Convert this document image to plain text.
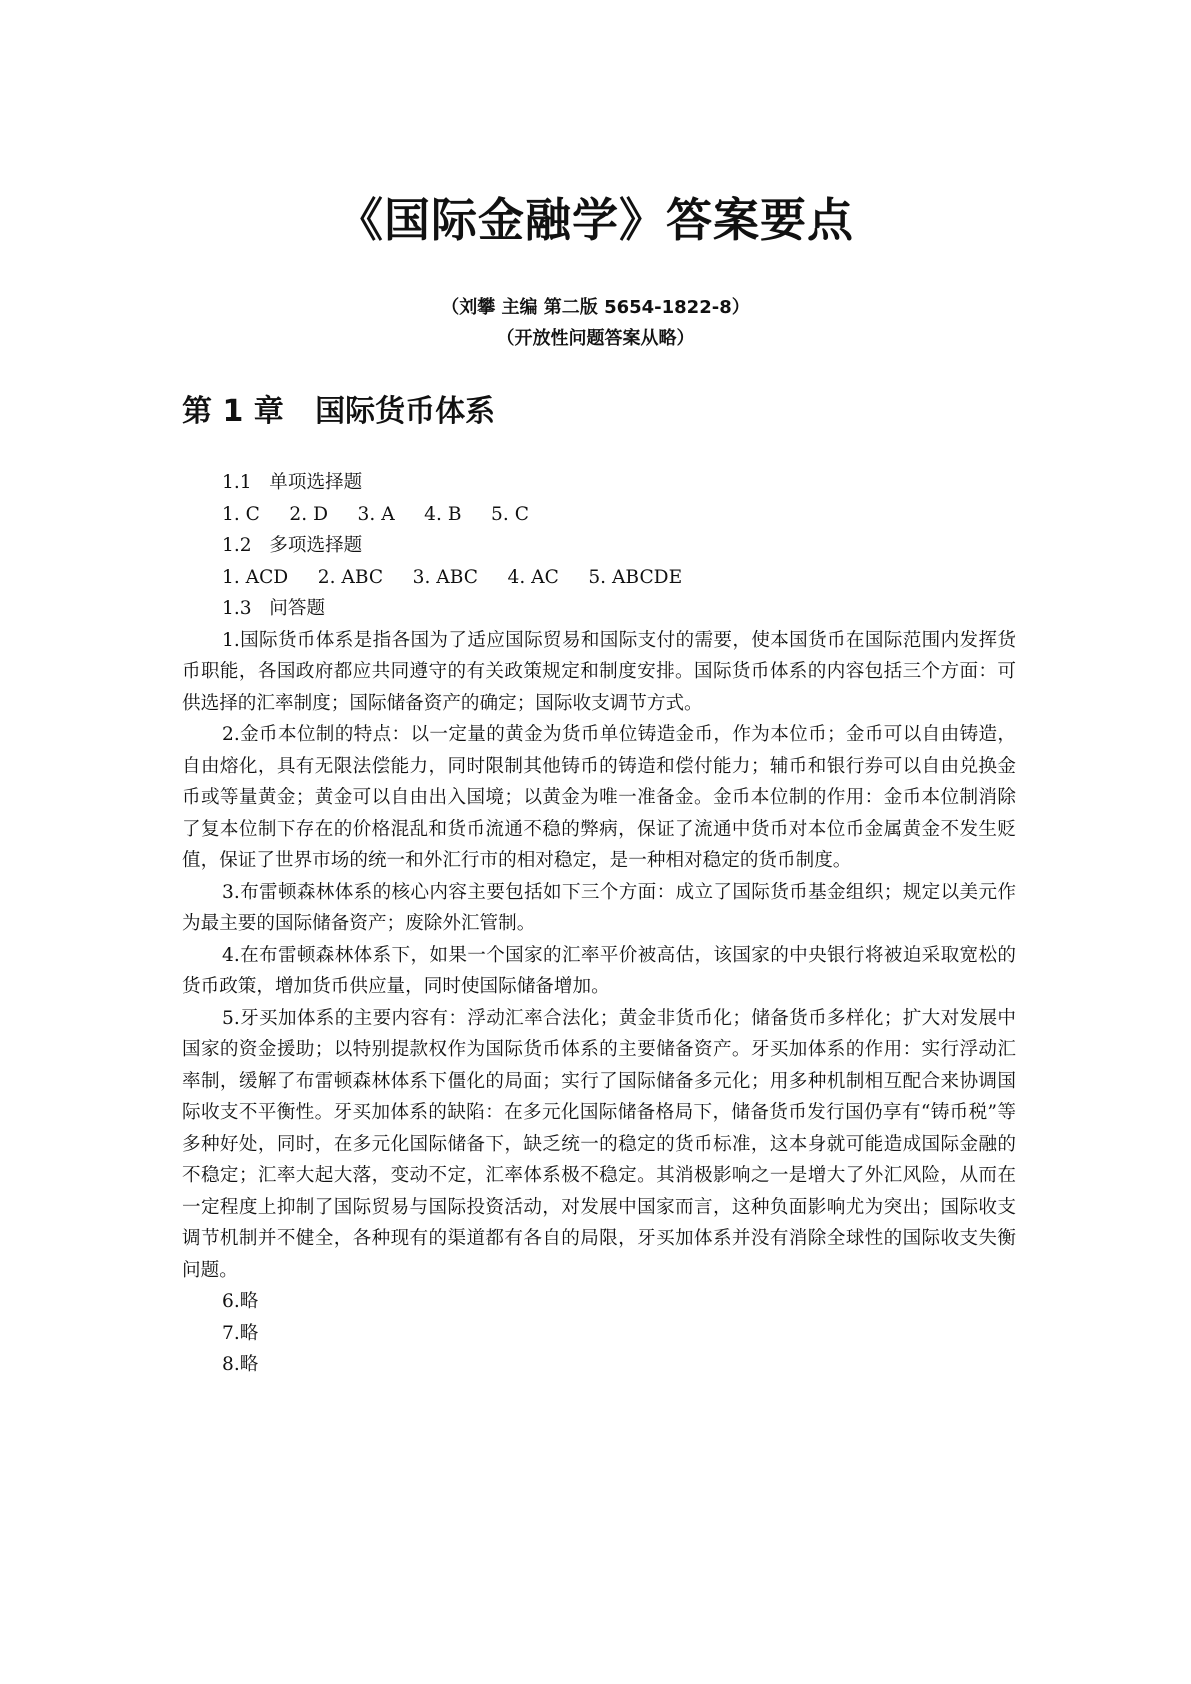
《国际金融学》答案要点

（刘攀 主编 第二版 5654-1822-8）

（开放性问题答案从略）

第 1 章   国际货币体系
1.1   单项选择题
1. C     2. D     3. A     4. B     5. C
1.2   多项选择题
1. ACD     2. ABC     3. ABC     4. AC     5. ABCDE
1.3   问答题

1.国际货币体系是指各国为了适应国际贸易和国际支付的需要，使本国货币在国际范围内发挥货币职能，各国政府都应共同遵守的有关政策规定和制度安排。国际货币体系的内容包括三个方面：可供选择的汇率制度；国际储备资产的确定；国际收支调节方式。

2.金币本位制的特点：以一定量的黄金为货币单位铸造金币，作为本位币；金币可以自由铸造，自由熔化，具有无限法偿能力，同时限制其他铸币的铸造和偿付能力；辅币和银行券可以自由兑换金币或等量黄金；黄金可以自由出入国境；以黄金为唯一准备金。金币本位制的作用：金币本位制消除了复本位制下存在的价格混乱和货币流通不稳的弊病，保证了流通中货币对本位币金属黄金不发生贬值，保证了世界市场的统一和外汇行市的相对稳定，是一种相对稳定的货币制度。

3.布雷顿森林体系的核心内容主要包括如下三个方面：成立了国际货币基金组织；规定以美元作为最主要的国际储备资产；废除外汇管制。

4.在布雷顿森林体系下，如果一个国家的汇率平价被高估，该国家的中央银行将被迫采取宽松的货币政策，增加货币供应量，同时使国际储备增加。

5.牙买加体系的主要内容有：浮动汇率合法化；黄金非货币化；储备货币多样化；扩大对发展中国家的资金援助；以特别提款权作为国际货币体系的主要储备资产。牙买加体系的作用：实行浮动汇率制，缓解了布雷顿森林体系下僵化的局面；实行了国际储备多元化；用多种机制相互配合来协调国际收支不平衡性。牙买加体系的缺陷：在多元化国际储备格局下，储备货币发行国仍享有“铸币税”等多种好处，同时，在多元化国际储备下，缺乏统一的稳定的货币标准，这本身就可能造成国际金融的不稳定；汇率大起大落，变动不定，汇率体系极不稳定。其消极影响之一是增大了外汇风险，从而在一定程度上抑制了国际贸易与国际投资活动，对发展中国家而言，这种负面影响尤为突出；国际收支调节机制并不健全，各种现有的渠道都有各自的局限，牙买加体系并没有消除全球性的国际收支失衡问题。

6.略

7.略

8.略
